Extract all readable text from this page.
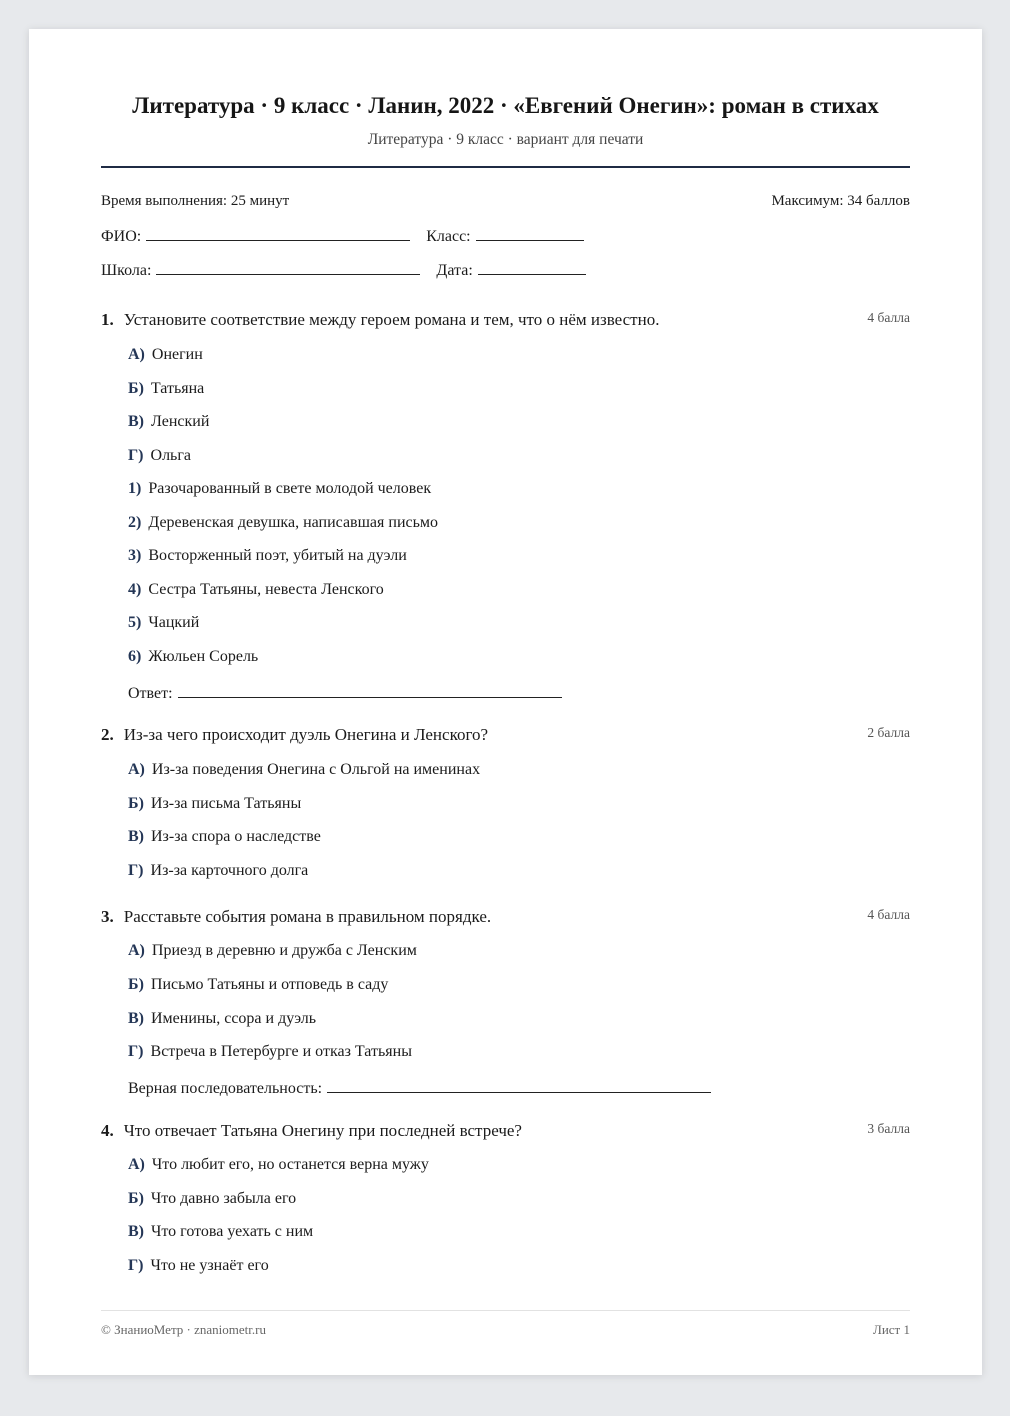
Литература · 9 класс · Ланин, 2022 · «Евгений Онегин»: роман в стихах
Литература · 9 класс · вариант для печати
Время выполнения: 25 минут	Максимум: 34 баллов
ФИО:	Класс:
Школа:	Дата:
1. Установите соответствие между героем романа и тем, что о нём известно.	4 балла
А) Онегин
Б) Татьяна
В) Ленский
Г) Ольга
1) Разочарованный в свете молодой человек
2) Деревенская девушка, написавшая письмо
3) Восторженный поэт, убитый на дуэли
4) Сестра Татьяны, невеста Ленского
5) Чацкий
6) Жюльен Сорель
Ответ:
2. Из-за чего происходит дуэль Онегина и Ленского?	2 балла
А) Из-за поведения Онегина с Ольгой на именинах
Б) Из-за письма Татьяны
В) Из-за спора о наследстве
Г) Из-за карточного долга
3. Расставьте события романа в правильном порядке.	4 балла
А) Приезд в деревню и дружба с Ленским
Б) Письмо Татьяны и отповедь в саду
В) Именины, ссора и дуэль
Г) Встреча в Петербурге и отказ Татьяны
Верная последовательность:
4. Что отвечает Татьяна Онегину при последней встрече?	3 балла
А) Что любит его, но останется верна мужу
Б) Что давно забыла его
В) Что готова уехать с ним
Г) Что не узнаёт его
© ЗнаниоМетр · znaniometr.ru	Лист 1
